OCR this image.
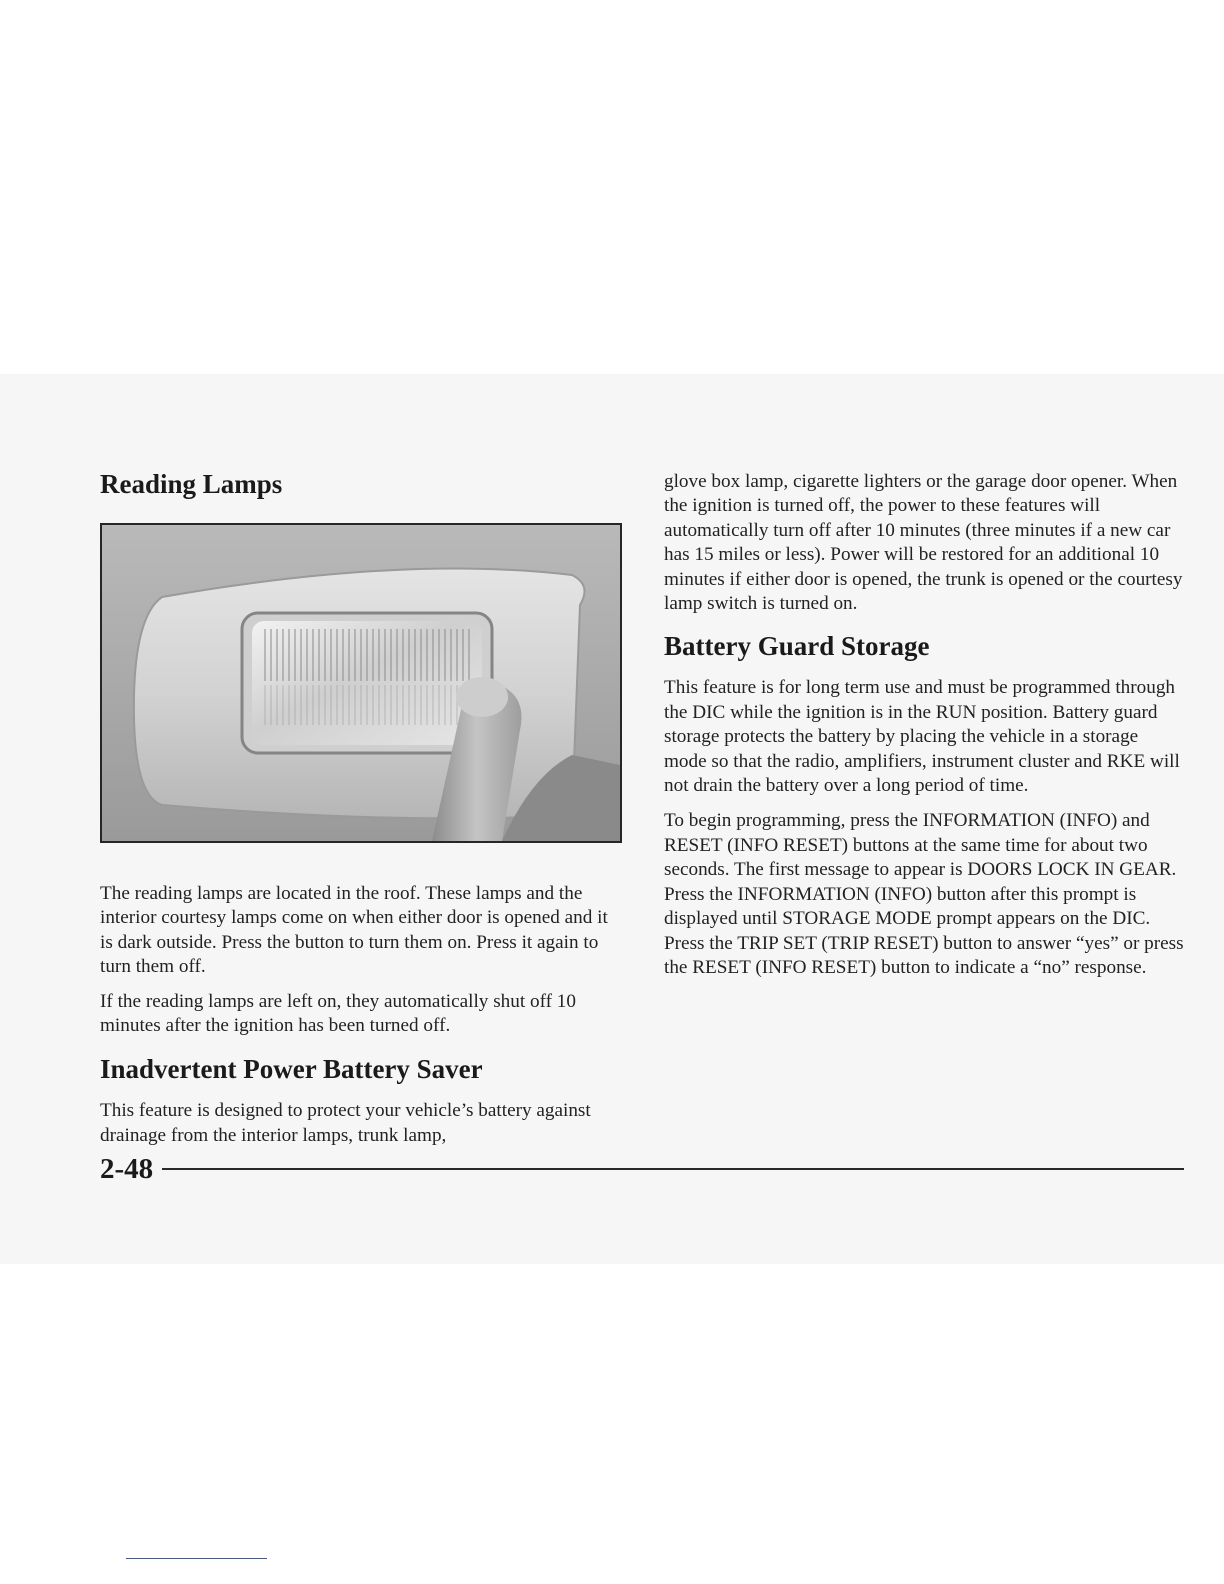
Reading Lamps

The reading lamps are located in the roof. These lamps and the interior courtesy lamps come on when either door is opened and it is dark outside. Press the button to turn them on. Press it again to turn them off.

If the reading lamps are left on, they automatically shut off 10 minutes after the ignition has been turned off.

Inadvertent Power Battery Saver

This feature is designed to protect your vehicle’s battery against drainage from the interior lamps, trunk lamp,

glove box lamp, cigarette lighters or the garage door opener. When the ignition is turned off, the power to these features will automatically turn off after 10 minutes (three minutes if a new car has 15 miles or less). Power will be restored for an additional 10 minutes if either door is opened, the trunk is opened or the courtesy lamp switch is turned on.

Battery Guard Storage

This feature is for long term use and must be programmed through the DIC while the ignition is in the RUN position. Battery guard storage protects the battery by placing the vehicle in a storage mode so that the radio, amplifiers, instrument cluster and RKE will not drain the battery over a long period of time.

To begin programming, press the INFORMATION (INFO) and RESET (INFO RESET) buttons at the same time for about two seconds. The first message to appear is DOORS LOCK IN GEAR. Press the INFORMATION (INFO) button after this prompt is displayed until STORAGE MODE prompt appears on the DIC. Press the TRIP SET (TRIP RESET) button to answer “yes” or press the RESET (INFO RESET) button to indicate a “no” response.

2-48
